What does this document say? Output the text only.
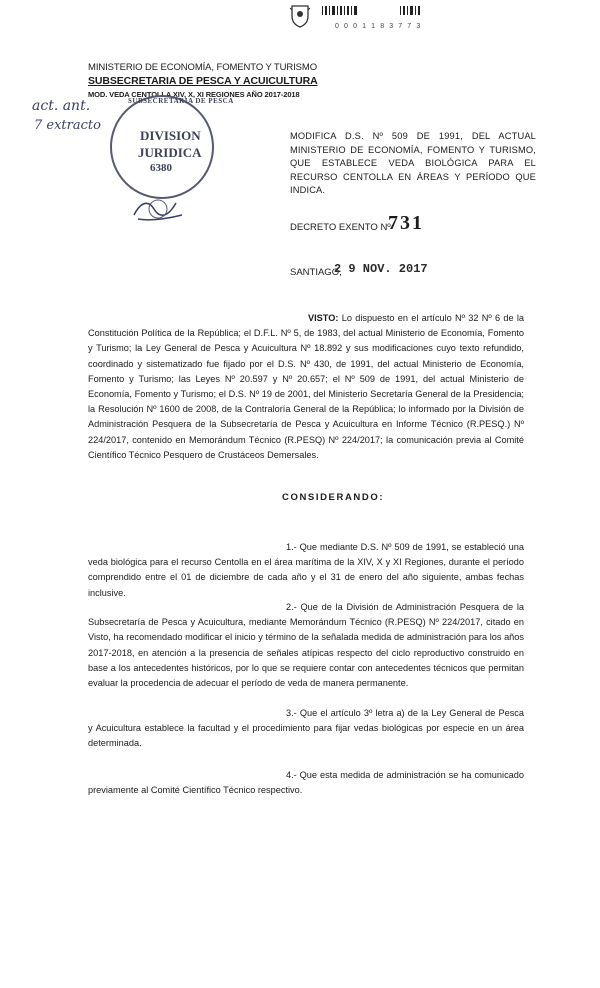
0 0 0 1 1 8 3 7 7 3
MINISTERIO DE ECONOMÍA, FOMENTO Y TURISMO
SUBSECRETARIA DE PESCA Y ACUICULTURA
MOD. VEDA CENTOLLA XIV, X, XI REGIONES AÑO 2017-2018
act. ant.
7 extracto
SUBSECRETARIA DE PESCA
DIVISION
JURIDICA
6380
MODIFICA D.S. Nº 509 DE 1991, DEL ACTUAL MINISTERIO DE ECONOMÍA, FOMENTO Y TURISMO, QUE ESTABLECE VEDA BIOLÓGICA PARA EL RECURSO CENTOLLA EN ÁREAS Y PERÍODO QUE INDICA.
DECRETO EXENTO Nº
731
SANTIAGO,
2 9 NOV. 2017
VISTO: Lo dispuesto en el artículo Nº 32 Nº 6 de la Constitución Política de la República; el D.F.L. Nº 5, de 1983, del actual Ministerio de Economía, Fomento y Turismo; la Ley General de Pesca y Acuicultura Nº 18.892 y sus modificaciones cuyo texto refundido, coordinado y sistematizado fue fijado por el D.S. Nº 430, de 1991, del actual Ministerio de Economía, Fomento y Turismo; las Leyes Nº 20.597 y Nº 20.657; el Nº 509 de 1991, del actual Ministerio de Economía, Fomento y Turismo; el D.S. Nº 19 de 2001, del Ministerio Secretaría General de la Presidencia; la Resolución Nº 1600 de 2008, de la Contraloría General de la República; lo informado por la División de Administración Pesquera de la Subsecretaría de Pesca y Acuicultura en Informe Técnico (R.PESQ.) Nº 224/2017, contenido en Memorándum Técnico (R.PESQ) Nº 224/2017; la comunicación previa al Comité Científico Técnico Pesquero de Crustáceos Demersales.
CONSIDERANDO:
1.- Que mediante D.S. Nº 509 de 1991, se estableció una veda biológica para el recurso Centolla en el área marítima de la XIV, X y XI Regiones, durante el período comprendido entre el 01 de diciembre de cada año y el 31 de enero del año siguiente, ambas fechas inclusive.
2.- Que de la División de Administración Pesquera de la Subsecretaría de Pesca y Acuicultura, mediante Memorándum Técnico (R.PESQ) Nº 224/2017, citado en Visto, ha recomendado modificar el inicio y término de la señalada medida de administración para los años 2017-2018, en atención a la presencia de señales atípicas respecto del ciclo reproductivo construido en base a los antecedentes históricos, por lo que se requiere contar con antecedentes técnicos que permitan evaluar la procedencia de adecuar el período de veda de manera permanente.
3.- Que el artículo 3º letra a) de la Ley General de Pesca y Acuicultura establece la facultad y el procedimiento para fijar vedas biológicas por especie en un área determinada.
4.- Que esta medida de administración se ha comunicado previamente al Comité Científico Técnico respectivo.
